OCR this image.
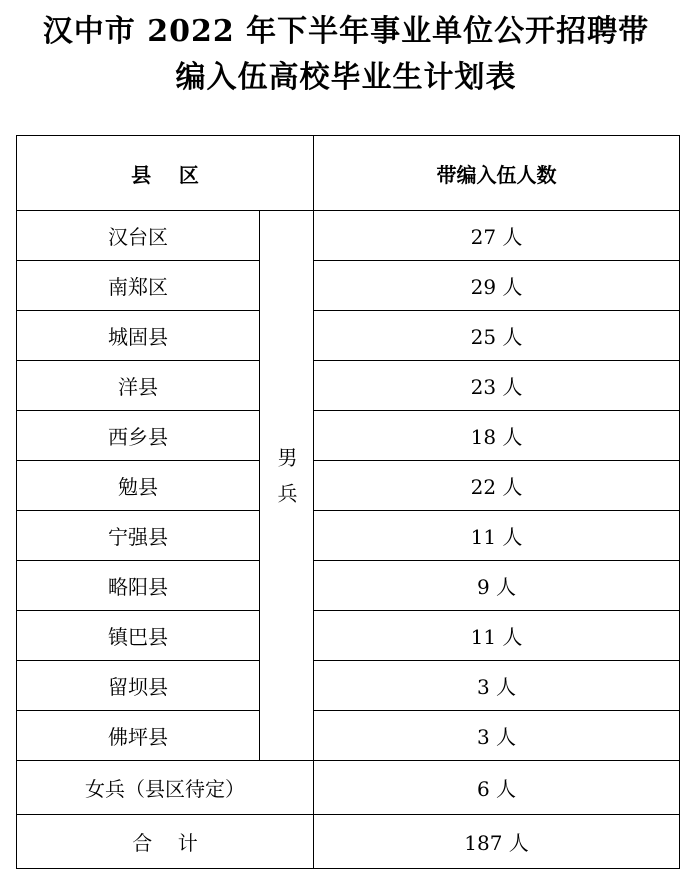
汉中市 2022 年下半年事业单位公开招聘带
编入伍高校毕业生计划表
县    区		带编入伍人数
汉台区	男兵	27 人
南郑区		29 人
城固县		25 人
洋县		23 人
西乡县		18 人
勉县		22 人
宁强县		11 人
略阳县		9 人
镇巴县		11 人
留坝县		3 人
佛坪县		3 人
女兵（县区待定）		6 人
合    计		187 人
